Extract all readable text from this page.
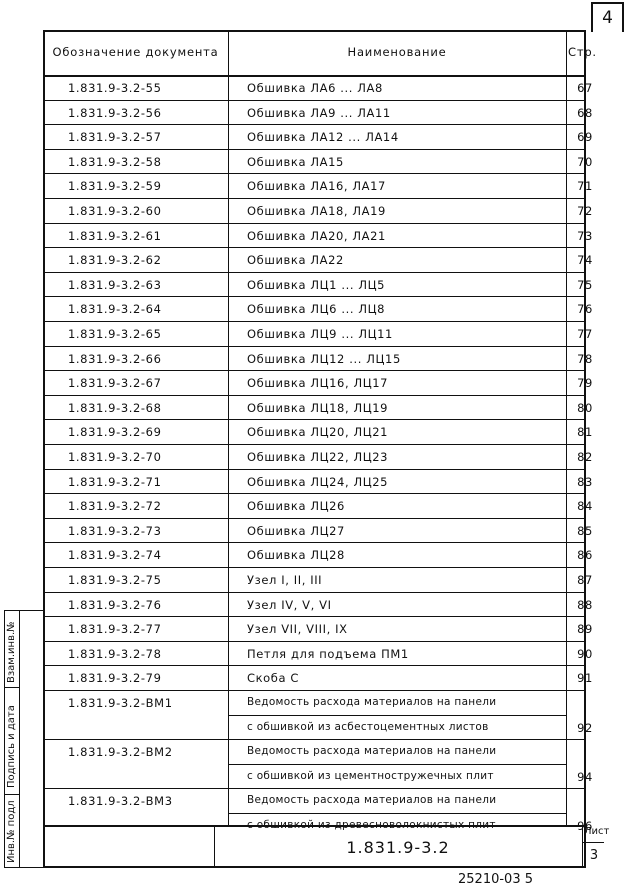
4
Обозначение документа	Наименование	Стр.
1.831.9-3.2-55	Обшивка ЛА6 ... ЛА8	67
1.831.9-3.2-56	Обшивка ЛА9 ... ЛА11	68
1.831.9-3.2-57	Обшивка ЛА12 ... ЛА14	69
1.831.9-3.2-58	Обшивка ЛА15	70
1.831.9-3.2-59	Обшивка ЛА16, ЛА17	71
1.831.9-3.2-60	Обшивка ЛА18, ЛА19	72
1.831.9-3.2-61	Обшивка ЛА20, ЛА21	73
1.831.9-3.2-62	Обшивка ЛА22	74
1.831.9-3.2-63	Обшивка ЛЦ1 ... ЛЦ5	75
1.831.9-3.2-64	Обшивка ЛЦ6 ... ЛЦ8	76
1.831.9-3.2-65	Обшивка ЛЦ9 ... ЛЦ11	77
1.831.9-3.2-66	Обшивка ЛЦ12 ... ЛЦ15	78
1.831.9-3.2-67	Обшивка ЛЦ16, ЛЦ17	79
1.831.9-3.2-68	Обшивка ЛЦ18, ЛЦ19	80
1.831.9-3.2-69	Обшивка ЛЦ20, ЛЦ21	81
1.831.9-3.2-70	Обшивка ЛЦ22, ЛЦ23	82
1.831.9-3.2-71	Обшивка ЛЦ24, ЛЦ25	83
1.831.9-3.2-72	Обшивка ЛЦ26	84
1.831.9-3.2-73	Обшивка ЛЦ27	85
1.831.9-3.2-74	Обшивка ЛЦ28	86
1.831.9-3.2-75	Узел I, II, III	87
1.831.9-3.2-76	Узел IV, V, VI	88
1.831.9-3.2-77	Узел VII, VIII, IX	89
1.831.9-3.2-78	Петля для подъема ПМ1	90
1.831.9-3.2-79	Скоба С	91
1.831.9-3.2-ВМ1	Ведомость расхода материалов на панели
с обшивкой из асбестоцементных листов	92
1.831.9-3.2-ВМ2	Ведомость расхода материалов на панели
с обшивкой из цементностружечных плит	94
1.831.9-3.2-ВМ3	Ведомость расхода материалов на панели
с обшивкой из древесноволокнистых плит	96
1.831.9-3.2
Лист
3
Взам.инв.№
Подпись и дата
Инв.№ подл
25210-03 5
